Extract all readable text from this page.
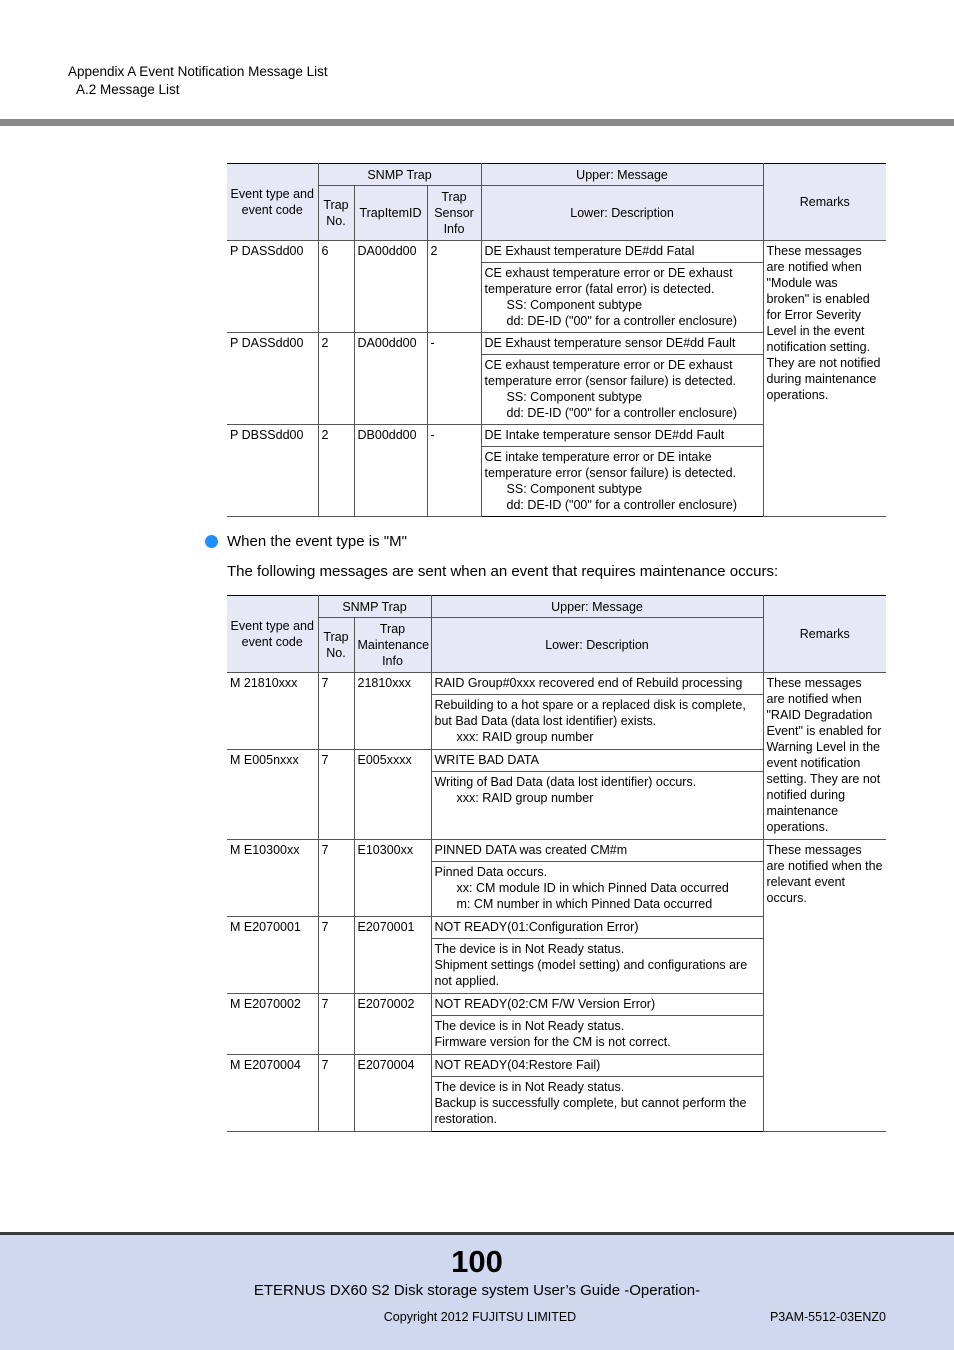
Appendix A Event Notification Message List
A.2 Message List
Event type and event code	SNMP Trap			Upper: Message	Remarks
	Trap No.	TrapItemID	Trap Sensor Info	Lower: Description	
P DASSdd00	6	DA00dd00	2	DE Exhaust temperature DE#dd Fatal	These messages are notified when "Module was broken" is enabled for Error Severity Level in the event notification setting. They are not notified during maintenance operations.

				CE exhaust temperature error or DE exhaust temperature error (fatal error) is detected.
SS: Component subtype
dd: DE-ID ("00" for a controller enclosure)	

P DASSdd00	2	DA00dd00	-	DE Exhaust temperature sensor DE#dd Fault	

				CE exhaust temperature error or DE exhaust temperature error (sensor failure) is detected.
SS: Component subtype
dd: DE-ID ("00" for a controller enclosure)	

P DBSSdd00	2	DB00dd00	-	DE Intake temperature sensor DE#dd Fault	

				CE intake temperature error or DE intake temperature error (sensor failure) is detected.
SS: Component subtype
dd: DE-ID ("00" for a controller enclosure)	
When the event type is "M"
The following messages are sent when an event that requires maintenance occurs:
Event type and event code	SNMP Trap		Upper: Message	Remarks
	Trap No.	Trap Maintenance Info	Lower: Description	
M 21810xxx	7	21810xxx	RAID Group#0xxx recovered end of Rebuild processing	These messages are notified when "RAID Degradation Event" is enabled for Warning Level in the event notification setting. They are not notified during maintenance operations.

			Rebuilding to a hot spare or a replaced disk is complete, but Bad Data (data lost identifier) exists.
xxx: RAID group number	

M E005nxxx	7	E005xxxx	WRITE BAD DATA	

			Writing of Bad Data (data lost identifier) occurs.
xxx: RAID group number	

M E10300xx	7	E10300xx	PINNED DATA was created CM#m	These messages are notified when the relevant event occurs.

			Pinned Data occurs.
xx: CM module ID in which Pinned Data occurred
m: CM number in which Pinned Data occurred	

M E2070001	7	E2070001	NOT READY(01:Configuration Error)	

			The device is in Not Ready status.
Shipment settings (model setting) and configurations are not applied.	

M E2070002	7	E2070002	NOT READY(02:CM F/W Version Error)	

			The device is in Not Ready status.
Firmware version for the CM is not correct.	

M E2070004	7	E2070004	NOT READY(04:Restore Fail)	

			The device is in Not Ready status.
Backup is successfully complete, but cannot perform the restoration.	
100
ETERNUS DX60 S2 Disk storage system User’s Guide -Operation-
Copyright 2012 FUJITSU LIMITED	P3AM-5512-03ENZ0
